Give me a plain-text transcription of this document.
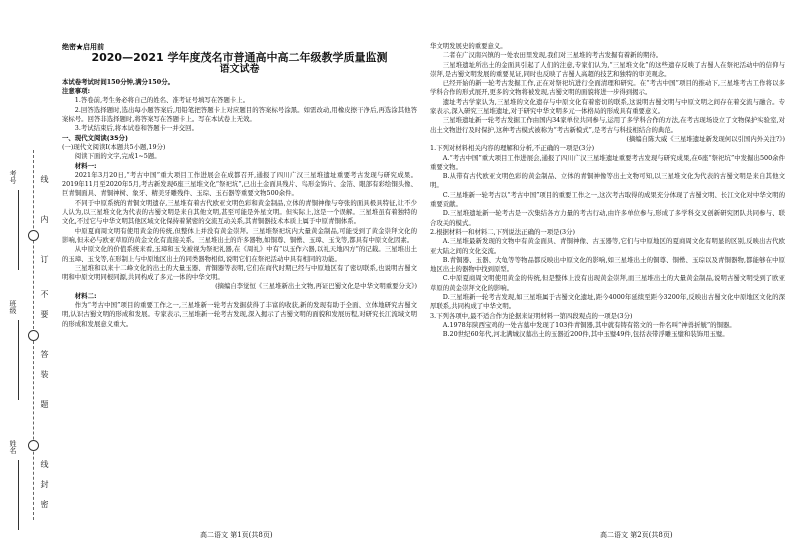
考号
班级
姓名
线
内
订
不
要
答
装
题
线
封
密
绝密★启用前
2020—2021 学年度茂名市普通高中高二年级教学质量监测
语文试卷

本试卷考试时间150分钟,满分150分。

注意事项:

1.答卷前,考生务必将自己的姓名、准考证号填写在答题卡上。

2.回答选择题时,选出每小题答案后,用铅笔把答题卡上对应题目的答案标号涂黑。如需改动,用橡皮擦干净后,再选涂其他答案标号。回答非选择题时,将答案写在答题卡上。写在本试卷上无效。

3.考试结束后,将本试卷和答题卡一并交回。

一、现代文阅读(35分)

(一)现代文阅读Ⅰ(本题共5小题,19分)

阅读下面的文字,完成1~5题。

材料一:

2021年3月20日,“考古中国”重大项目工作进展会在成都召开,通报了四川广汉三星堆遗址重要考古发现与研究成果。2019年11月至2020年5月,考古新发现6座三星堆文化“祭祀坑”,已出土金面具残片、鸟形金饰片、金箔、眼部有彩绘铜头像、巨青铜面具、青铜神树、象牙、精美牙雕残件、玉琮、玉石器等重要文物500余件。

不同于中原系统的青铜文明遗存,三星堆有着古代欧亚文明色彩和黄金制品,立体的青铜神像与夸张的面具极具特征,让不少人认为,以三星堆文化为代表的古蜀文明是来自其他文明,甚至可能是外星文明。但实际上,这是一个误解。三星堆虽有着独特的文化,不过它与中华文明其他区域文化保持着紧密的交流互动关系,其青铜器技术本质上属于中原青铜体系。

中原夏商周文明有使用黄金的传统,但整体上并没有黄金崇拜。三星堆祭祀坑内大量黄金制品,可能受到了黄金崇拜文化的影响,但未必与欧亚草原的黄金文化有直接关系。三星堆出土的许多器物,如铜尊、铜罍、玉璋、玉戈等,都具有中原文化因素。

从中原文化的价值系统来看,玉璋和玉戈被视为祭祀礼器,在《周礼》中有“以玉作六器,以礼天地四方”的记载。三星堆出土的玉璋、玉戈等,在形制上与中原地区出土的同类器物相似,说明它们在祭祀活动中具有相同的功能。

三星堆和以来十二峰文化的出土的大量玉器、青铜器等表明,它们在商代时期已经与中原地区有了密切联系,也说明古蜀文明和中原文明同根同源,共同构成了多元一体的中华文明。

(摘编自李觉恒《三星堆新出土文物,再证巴蜀文化是中华文明重要分支》)

材料二:

作为“考古中国”项目的重要工作之一,三星堆新一轮考古发掘获得了丰富的收获,新的发现有助于全面、立体地研究古蜀文明,认识古蜀文明的形成和发展。专家表示,三星堆新一轮考古发现,深入揭示了古蜀文明的面貌和发展历程,对研究长江流域文明的形成和发展意义重大。

华文明发展史的重要意义。

二者在广汉南兴镇的一处农田里发现,我们对三星堆的考古发掘有着新的期待。

三星堆遗址所出土的金面具引起了人们的注意,专家们认为,“三星堆文化”的这些遗存反映了古蜀人在祭祀活动中的信仰与崇拜,是古蜀文明发展的重要见证,同时也反映了古蜀人高超的技艺和独特的审美观念。

已经开始的新一轮考古发掘工作,正在对祭祀坑进行全面清理和研究。在“考古中国”项目的推动下,三星堆考古工作将以多学科合作的形式展开,更多的文物将被发现,古蜀文明的面貌将进一步得到揭示。

遗址考古学家认为,三星堆的文化遗存与中原文化有着密切的联系,这说明古蜀文明与中原文明之间存在着交流与融合。专家表示,深入研究三星堆遗址,对于研究中华文明多元一体格局的形成具有重要意义。

三星堆遗址新一轮考古发掘工作由国内34家单位共同参与,运用了多学科合作的方法,在考古现场设立了文物保护实验室,对出土文物进行及时保护,这种考古模式被称为“考古新模式”,是考古与科技相结合的典范。

(摘编自陈大威《三星堆遗址新发现何以引国内外关注?》)

1.下列对材料相关内容的理解和分析,不正确的一项是(3分)

A.“考古中国”重大项目工作进展会,通报了四川广汉三星堆遗址重要考古发现与研究成果,在6座“祭祀坑”中发掘出500余件重要文物。

B.从带有古代欧亚文明色彩的黄金制品、立体的青铜神像等出土文物可知,以三星堆文化为代表的古蜀文明是来自其他文明。

C.三星堆新一轮考古以“考古中国”项目的重要工作之一,这次考古取得的成果充分体现了古蜀文明、长江文化对中华文明的重要贡献。

D.三星堆遗址新一轮考古是一次集结各方力量的考古行动,由许多单位参与,形成了多学科交叉创新研究团队共同参与、联合攻关的模式。

2.根据材料一和材料二,下列说法正确的一项是(3分)

A.三星堆最新发现的文物中有黄金面具、青铜神像、古玉器等,它们与中原地区的夏商周文化有明显的区别,反映出古代欧亚大陆之间的文化交流。

B.青铜器、玉器、大龟等等物品都反映出中原文化的影响,如三星堆出土的铜尊、铜罍、玉琮以及青铜器物,都能够在中原地区出土的器物中找到原型。

C.中原夏商周文明使用黄金的传统,但是整体上没有出现黄金崇拜,而三星堆出土的大量黄金制品,说明古蜀文明受到了欧亚草原的黄金崇拜文化的影响。

D.三星堆新一轮考古发现,如三星堆属于古蜀文化遗址,距今4000年延续至距今3200年,反映出古蜀文化中原地区文化的深厚联系,共同构成了中华文明。

3.下列各项中,最不适合作为论据来证明材料一第四段观点的一项是(3分)

A.1978年陕西宝鸡的一处古墓中发现了103件青铜器,其中就有铸有铭文的一件名叫“神兽折觥”的铜器。

B.20世纪60年代,河北满城汉墓出土的玉器近200件,其中玉璧49件,包括表带浮雕玉璧和装饰用玉璧。

高二语文 第1页(共8页)	高二语文 第2页(共8页)
